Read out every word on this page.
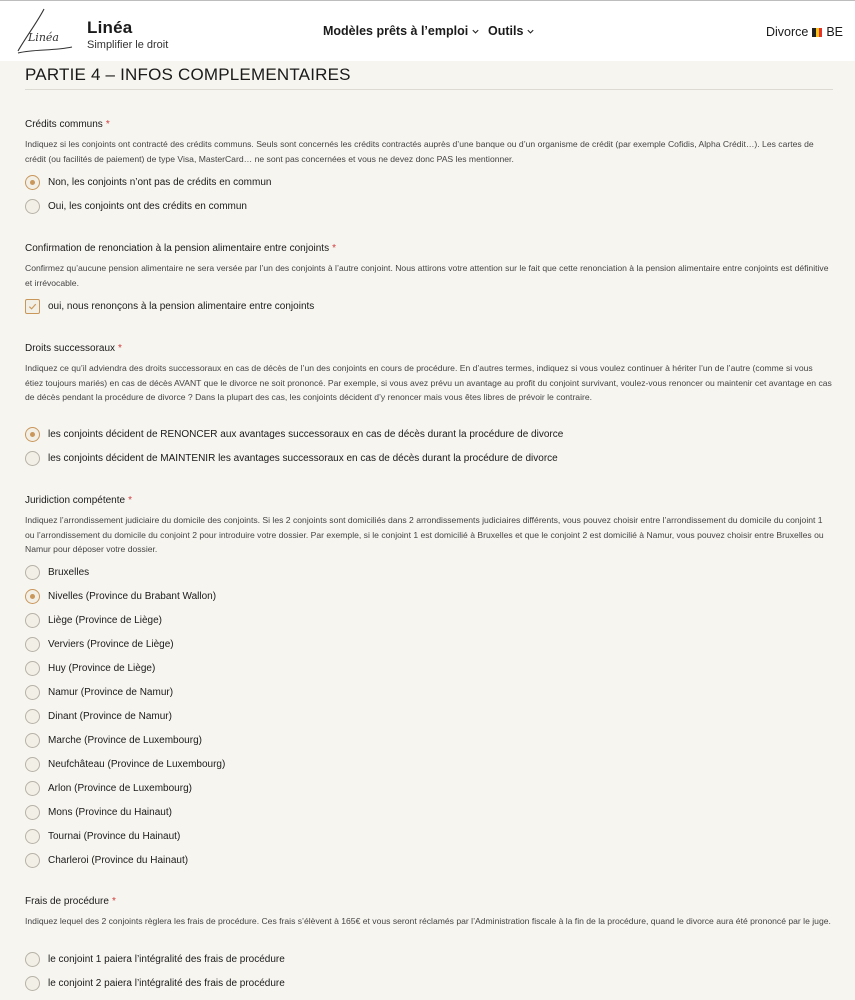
Linéa
Linéa
Simplifier le droit
Modèles prêts à l’emploi Outils	Divorce BE
PARTIE 4 – INFOS COMPLEMENTAIRES
Crédits communs *
Indiquez si les conjoints ont contracté des crédits communs. Seuls sont concernés les crédits contractés auprès d’une banque ou d’un organisme de crédit (par exemple Cofidis, Alpha Crédit…). Les cartes de crédit (ou facilités de paiement) de type Visa, MasterCard… ne sont pas concernées et vous ne devez donc PAS les mentionner.
Non, les conjoints n’ont pas de crédits en commun
Oui, les conjoints ont des crédits en commun
Confirmation de renonciation à la pension alimentaire entre conjoints *
Confirmez qu’aucune pension alimentaire ne sera versée par l’un des conjoints à l’autre conjoint. Nous attirons votre attention sur le fait que cette renonciation à la pension alimentaire entre conjoints est définitive et irrévocable.
oui, nous renonçons à la pension alimentaire entre conjoints
Droits successoraux *
Indiquez ce qu’il adviendra des droits successoraux en cas de décès de l’un des conjoints en cours de procédure. En d’autres termes, indiquez si vous voulez continuer à hériter l’un de l’autre (comme si vous étiez toujours mariés) en cas de décès AVANT que le divorce ne soit prononcé. Par exemple, si vous avez prévu un avantage au profit du conjoint survivant, voulez-vous renoncer ou maintenir cet avantage en cas de décès pendant la procédure de divorce ? Dans la plupart des cas, les conjoints décident d’y renoncer mais vous êtes libres de prévoir le contraire.
les conjoints décident de RENONCER aux avantages successoraux en cas de décès durant la procédure de divorce
les conjoints décident de MAINTENIR les avantages successoraux en cas de décès durant la procédure de divorce
Juridiction compétente *
Indiquez l’arrondissement judiciaire du domicile des conjoints. Si les 2 conjoints sont domiciliés dans 2 arrondissements judiciaires différents, vous pouvez choisir entre l’arrondissement du domicile du conjoint 1 ou l’arrondissement du domicile du conjoint 2 pour introduire votre dossier. Par exemple, si le conjoint 1 est domicilié à Bruxelles et que le conjoint 2 est domicilié à Namur, vous pouvez choisir entre Bruxelles ou Namur pour déposer votre dossier.
Bruxelles
Nivelles (Province du Brabant Wallon)
Liège (Province de Liège)
Verviers (Province de Liège)
Huy (Province de Liège)
Namur (Province de Namur)
Dinant (Province de Namur)
Marche (Province de Luxembourg)
Neufchâteau (Province de Luxembourg)
Arlon (Province de Luxembourg)
Mons (Province du Hainaut)
Tournai (Province du Hainaut)
Charleroi (Province du Hainaut)
Frais de procédure *
Indiquez lequel des 2 conjoints règlera les frais de procédure. Ces frais s’élèvent à 165€ et vous seront réclamés par l’Administration fiscale à la fin de la procédure, quand le divorce aura été prononcé par le juge.
le conjoint 1 paiera l’intégralité des frais de procédure
le conjoint 2 paiera l’intégralité des frais de procédure
